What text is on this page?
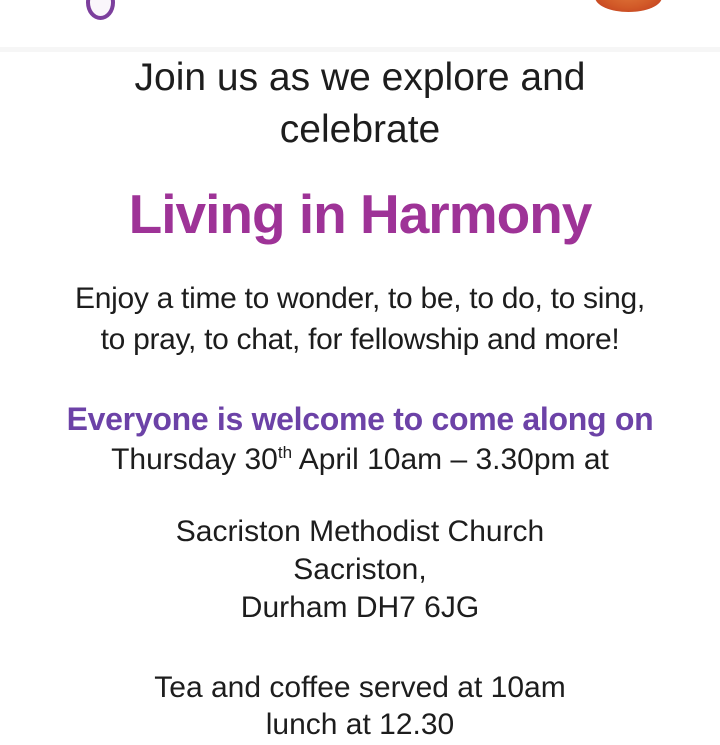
Join us as we explore and
celebrate
Living in Harmony
Enjoy a time to wonder, to be, to do, to sing,
to pray, to chat, for fellowship and more!
Everyone is welcome to come along on
Thursday 30th April 10am – 3.30pm at
Sacriston Methodist Church
Sacriston,
Durham DH7 6JG
Tea and coffee served at 10am
lunch at 12.30
